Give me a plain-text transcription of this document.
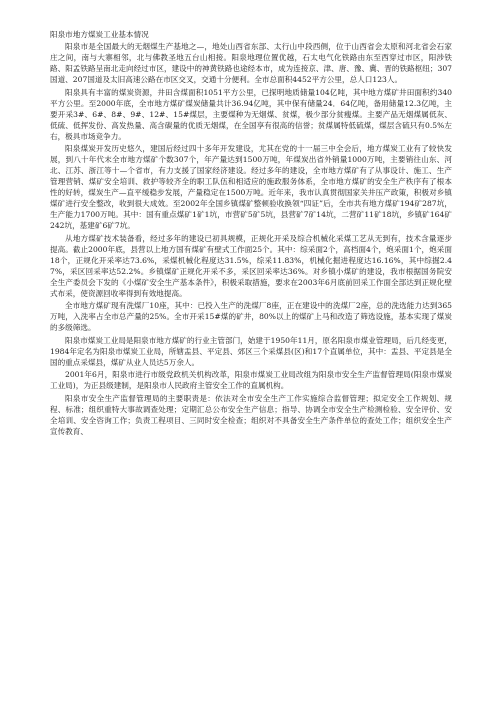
阳泉市地方煤炭工业基本情况

阳泉市是全国最大的无烟煤生产基地之—，地处山西省东部、太行山中段西侧，位于山西省会太原和河北省会石家庄之间，南与大寨相邻，北与佛教圣地五台山相接。阳泉地理位置优越，石太电气化铁路由东至西穿过市区，阳涉铁路、阳孟铁路呈南北走向经过市区，建设中的神黄铁路也途经本市，成为连接京、津、唐、豫、冀、晋的铁路枢纽；307国道、207国道及太旧高速公路在市区交叉，交通十分便利。全市总面积4452平方公里，总人口123人。

阳泉具有丰富的煤炭资源，井田含煤面积1051平方公里，已探明地质储量104亿吨，其中地方煤矿井田面积约340平方公里。至2000年底，全市地方煤矿煤炭储量共计36.94亿吨，其中保有储量24．64亿吨，备用储量12.3亿吨，主要开采3#、6#、8#、9#、12#、15#煤层，主要煤种为无烟煤、贫煤，极少部分贫瘦煤。主要产品无烟煤属低灰、低硫、低挥发份、高发热量、高含碳量的优质无烟煤，在全国享有很高的信誉；贫煤属特低硫煤，煤层含硫只有0.5%左右，极具市场竞争力。

阳泉煤炭开发历史悠久，建国后经过四十多年开发建设，尤其在党的十一届三中全会后，地方煤炭工业有了较快发展，到八十年代末全市地方煤矿个数307个，年产量达到1500万吨，年煤炭出省外销量1000万吨，主要销往山东、河北、江苏、浙江等十—个省市，有力支援了国家经济建设。经过多年的建设，全市地方煤矿有了从事设计、施工、生产管理营销、煤矿安全培训、救护等较齐全的职工队伍和相适应的施政服务体系，全市地方煤矿的安全生产秩序有了根本性的好转，煤炭生产—直平缓稳步发展，产量稳定在1500万吨。近年来，我市认真贯彻国家关井压产政策，积极对乡镇煤矿进行安全整改，收到很大成效。至2002年全国乡镇煤矿整顿验收换领“四证”后，全市共有地方煤矿194矿287坑，生产能力1700万吨。其中：国有重点煤矿1矿1坑，市营矿5矿5坑，县营矿7矿14坑，二营矿11矿18坑，乡镇矿164矿242坑，基建矿6矿7坑。

从地方煤矿技术装备看，经过多年的建设已初具规模，正规化开采及综合机械化采煤工艺从无到有，技术含量逐步提高。截止2000年底，县营以上地方国有煤矿有壁式工作面25个。其中：综采面2个，高档面4个，炮采面1个，炮采面18个，正规化开采率达73.6%，采煤机械化程度达31.5%，综采11.83%，机械化掘进程度达16.16%，其中综掘2.47%，采区回采率达52.2%。乡镇煤矿正规化开采不多，采区回采率达36%。对乡镇小煤矿的建设，我市根据国务院安全生产委员会下发的《小煤矿安全生产基本条件》，积极采取措施，要求在2003年6月底前回采工作面全部达到正规化壁式布采，使资源回收率得到有效地提高。

全市地方煤矿现有洗煤厂10座，其中：已投入生产的洗煤厂8座，正在建设中的洗煤厂2座，总的洗选能力达到365万吨，入洗率占全市总产量的25%。全市开采15#煤的矿井，80%以上的煤矿上马和改造了筛选设施，基本实现了煤炭的多级筛选。

阳泉市煤炭工业局是阳泉市地方煤矿的行业主管部门，始建于1950年11月，原名阳泉市煤业管理局，后几经变更，1984年定名为阳泉市煤炭工业局，所辖盂县、平定县、郊区三个采煤县(区)和17个直属单位，其中：盂县、平定县是全国的重点采煤县，煤矿从业人员达5万余人。

2001年6月，阳泉市进行市级党政机关机构改革，阳泉市煤炭工业局改组为阳泉市安全生产监督管理局(阳泉市煤炭工业局)，为正县级建制，是阳泉市人民政府主管安全工作的直属机构。

阳泉市安全生产监督管理局的主要职责是：依法对全市安全生产工作实施综合监督管理；拟定安全工作规划、规程、标准；组织重特大事故调查处理；定期汇总公布安全生产信息；指导、协调全市安全生产检测检验、安全评价、安全培训、安全咨询工作；负责工程项目、三同时安全检查；组织对不具备安全生产条件单位的查处工作；组织安全生产宣传教育、
